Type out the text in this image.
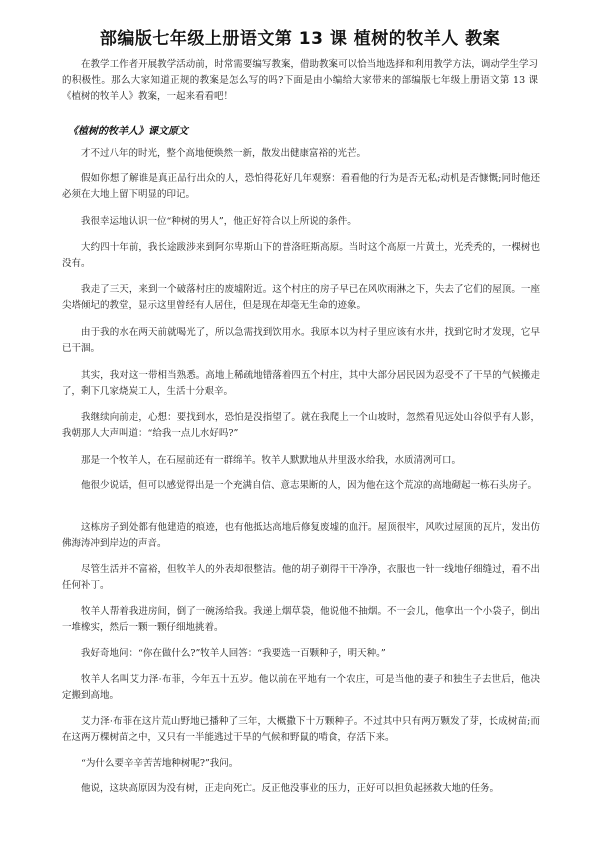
部编版七年级上册语文第 13 课 植树的牧羊人 教案
在教学工作者开展教学活动前，时常需要编写教案，借助教案可以恰当地选择和利用教学方法，调动学生学习的积极性。那么大家知道正规的教案是怎么写的吗?下面是由小编给大家带来的部编版七年级上册语文第 13 课《植树的牧羊人》教案，一起来看看吧！
《植树的牧羊人》课文原文

才不过八年的时光，整个高地便焕然一新，散发出健康富裕的光芒。

假如你想了解谁是真正品行出众的人，恐怕得花好几年观察：看看他的行为是否无私;动机是否慷慨;同时他还必须在大地上留下明显的印记。

我很幸运地认识一位“种树的男人”，他正好符合以上所说的条件。

大约四十年前，我长途跋涉来到阿尔卑斯山下的普洛旺斯高原。当时这个高原一片黄土，光秃秃的，一棵树也没有。

我走了三天，来到一个破落村庄的废墟附近。这个村庄的房子早已在风吹雨淋之下，失去了它们的屋顶。一座尖塔倾圮的教堂，显示这里曾经有人居住，但是现在却毫无生命的迹象。

由于我的水在两天前就喝光了，所以急需找到饮用水。我原本以为村子里应该有水井，找到它时才发现，它早已干涸。

其实，我对这一带相当熟悉。高地上稀疏地错落着四五个村庄，其中大部分居民因为忍受不了干旱的气候搬走了，剩下几家烧炭工人，生活十分艰辛。

我继续向前走，心想：要找到水，恐怕是没指望了。就在我爬上一个山坡时，忽然看见远处山谷似乎有人影，我朝那人大声叫道：“给我一点儿水好吗?”

那是一个牧羊人，在石屋前还有一群绵羊。牧羊人默默地从井里汲水给我，水质清冽可口。

他很少说话，但可以感觉得出是一个充满自信、意志果断的人，因为他在这个荒凉的高地砌起一栋石头房子。

这栋房子到处都有他建造的痕迹，也有他抵达高地后修复废墟的血汗。屋顶很牢，风吹过屋顶的瓦片，发出仿佛海涛冲到岸边的声音。

尽管生活并不富裕，但牧羊人的外表却很整洁。他的胡子剃得干干净净，衣服也一针一线地仔细缝过，看不出任何补丁。

牧羊人帮着我进房间，倒了一碗汤给我。我递上烟草袋，他说他不抽烟。不一会儿，他拿出一个小袋子，倒出一堆橡实，然后一颗一颗仔细地挑着。

我好奇地问：“你在做什么?”牧羊人回答：“我要选一百颗种子，明天种。”

牧羊人名叫艾力泽·布菲，今年五十五岁。他以前在平地有一个农庄，可是当他的妻子和独生子去世后，他决定搬到高地。

艾力泽·布菲在这片荒山野地已播种了三年，大概撒下十万颗种子。不过其中只有两万颗发了芽，长成树苗;而在这两万棵树苗之中，又只有一半能逃过干旱的气候和野鼠的啃食，存活下来。

“为什么要辛辛苦苦地种树呢?”我问。

他说，这块高原因为没有树，正走向死亡。反正他没事业的压力，正好可以担负起拯救大地的任务。
